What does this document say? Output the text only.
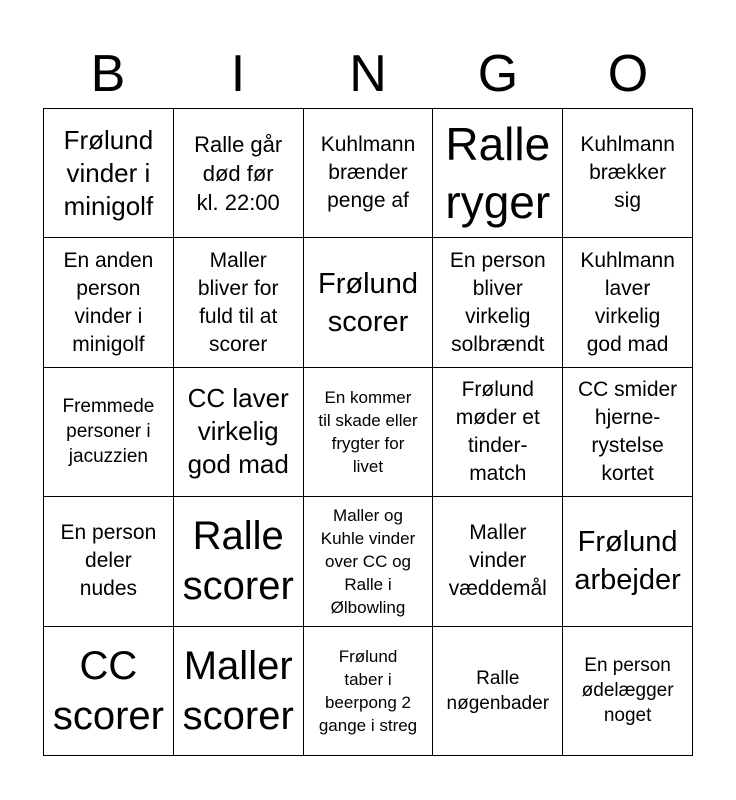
B	I	N	G	O
Frølund
vinder i
minigolf
Ralle går
død før
kl. 22:00
Kuhlmann
brænder
penge af
Ralle
ryger
Kuhlmann
brækker
sig
En anden
person
vinder i
minigolf
Maller
bliver for
fuld til at
scorer
Frølund
scorer
En person
bliver
virkelig
solbrændt
Kuhlmann
laver
virkelig
god mad
Fremmede
personer i
jacuzzien
CC laver
virkelig
god mad
En kommer
til skade eller
frygter for
livet
Frølund
møder et
tinder-
match
CC smider
hjerne-
rystelse
kortet
En person
deler
nudes
Ralle
scorer
Maller og
Kuhle vinder
over CC og
Ralle i
Ølbowling
Maller
vinder
væddemål
Frølund
arbejder
CC
scorer
Maller
scorer
Frølund
taber i
beerpong 2
gange i streg
Ralle
nøgenbader
En person
ødelægger
noget
